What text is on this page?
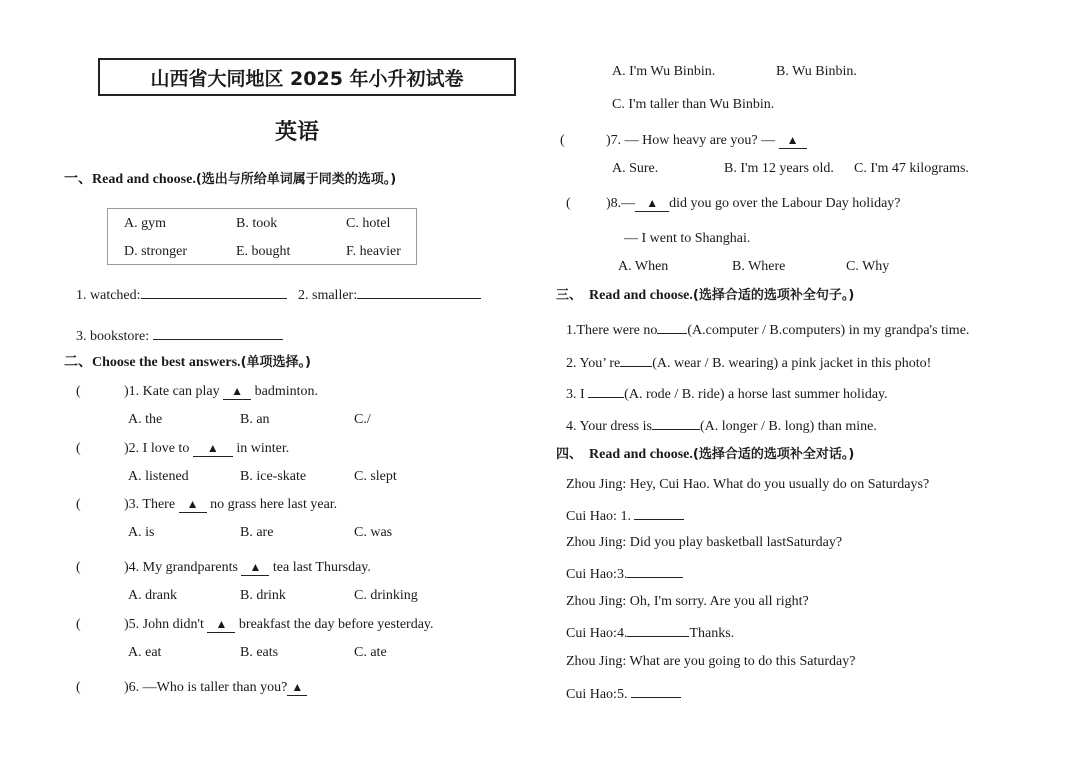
山西省大同地区 2025 年小升初试卷
英语
一、Read and choose.(选出与所给单词属于同类的选项。)
A. gym	B. took	C. hotel
D. stronger	E. bought	F. heavier
1. watched:	2. smaller:
3. bookstore:
二、Choose the best answers.(单项选择。)
(	)1. Kate can play ▲ badminton.
A. the	B. an	C./
(	)2. I love to ▲ in winter.
A. listened	B. ice-skate	C. slept
(	)3. There ▲ no grass here last year.
A. is	B. are	C. was
(	)4. My grandparents ▲ tea last Thursday.
A. drank	B. drink	C. drinking
(	)5. John didn't ▲ breakfast the day before yesterday.
A. eat	B. eats	C. ate
(	)6. —Who is taller than you? ▲
A. I'm Wu Binbin.	B. Wu Binbin.
C. I'm taller than Wu Binbin.
(	)7. — How heavy are you? — ▲
A. Sure.	B. I'm 12 years old. C. I'm 47 kilograms.
(	)8.— ▲ did you go over the Labour Day holiday?
— I went to Shanghai.
A. When	B. Where	C. Why
三、 Read and choose.(选择合适的选项补全句子。)
1.There were no (A.computer / B.computers) in my grandpa's time.
2. You’ re (A. wear / B. wearing) a pink jacket in this photo!
3. I	(A. rode / B. ride) a horse last summer holiday.
4. Your dress is	(A. longer / B. long) than mine.
四、 Read and choose.(选择合适的选项补全对话。)
Zhou Jing: Hey, Cui Hao. What do you usually do on Saturdays?
Cui Hao: 1.
Zhou Jing: Did you play basketball lastSaturday?
Cui Hao:3.
Zhou Jing: Oh, I'm sorry. Are you all right?
Cui Hao:4.	Thanks.
Zhou Jing: What are you going to do this Saturday?
Cui Hao:5.
